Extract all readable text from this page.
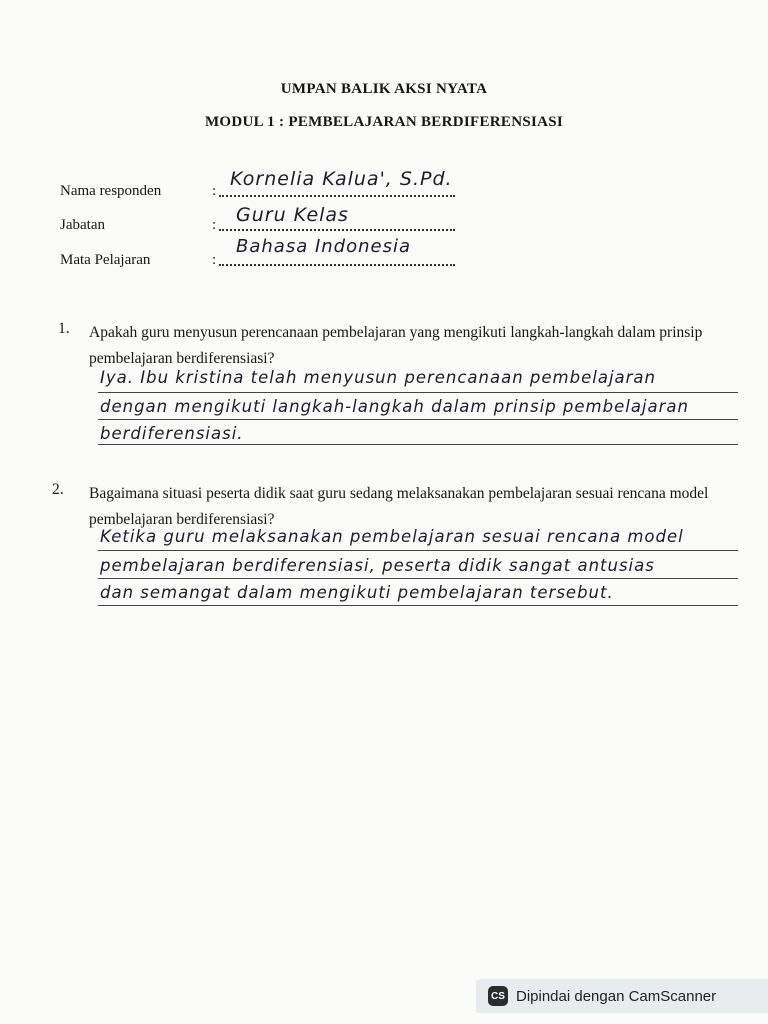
UMPAN BALIK AKSI NYATA
MODUL 1 : PEMBELAJARAN BERDIFERENSIASI
Nama responden	:
Kornelia Kalua', S.Pd.
Jabatan	: Guru Kelas
Mata Pelajaran	:
Bahasa Indonesia
1. Apakah guru menyusun perencanaan pembelajaran yang mengikuti langkah-langkah dalam prinsip pembelajaran berdiferensiasi?
Iya. Ibu kristina telah menyusun perencanaan pembelajaran
dengan mengikuti langkah-langkah dalam prinsip pembelajaran
berdiferensiasi.
2. Bagaimana situasi peserta didik saat guru sedang melaksanakan pembelajaran sesuai rencana model pembelajaran berdiferensiasi?
Ketika guru melaksanakan pembelajaran sesuai rencana model
pembelajaran berdiferensiasi, peserta didik sangat antusias
dan semangat dalam mengikuti pembelajaran tersebut.
CS Dipindai dengan CamScanner
